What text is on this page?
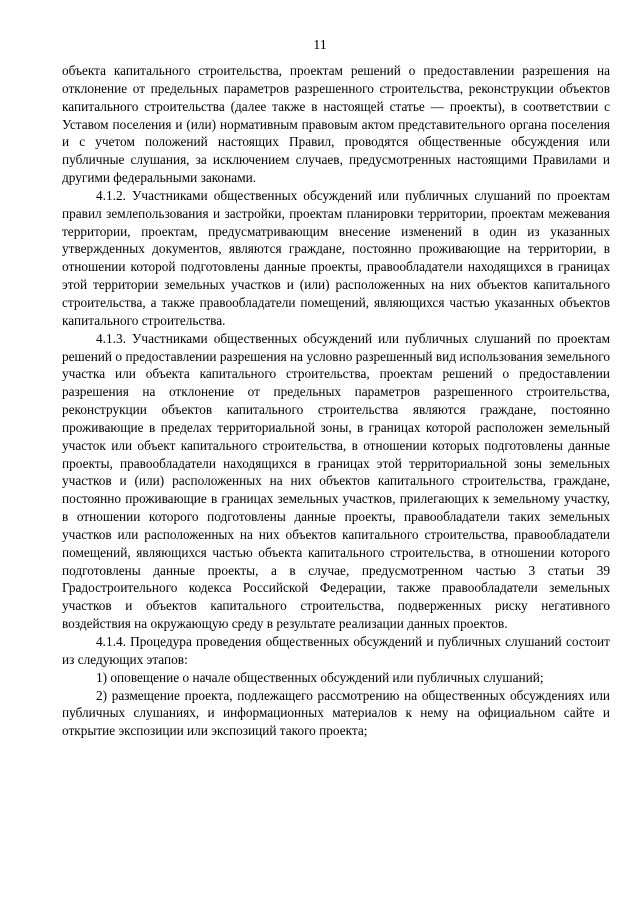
11

объекта капитального строительства, проектам решений о предоставлении разрешения на отклонение от предельных параметров разрешенного строительства, реконструкции объектов капитального строительства (далее также в настоящей статье — проекты), в соответствии с Уставом поселения и (или) нормативным правовым актом представительного органа поселения и с учетом положений настоящих Правил, проводятся общественные обсуждения или публичные слушания, за исключением случаев, предусмотренных настоящими Правилами и другими федеральными законами.

4.1.2. Участниками общественных обсуждений или публичных слушаний по проектам правил землепользования и застройки, проектам планировки территории, проектам межевания территории, проектам, предусматривающим внесение изменений в один из указанных утвержденных документов, являются граждане, постоянно проживающие на территории, в отношении которой подготовлены данные проекты, правообладатели находящихся в границах этой территории земельных участков и (или) расположенных на них объектов капитального строительства, а также правообладатели помещений, являющихся частью указанных объектов капитального строительства.

4.1.3. Участниками общественных обсуждений или публичных слушаний по проектам решений о предоставлении разрешения на условно разрешенный вид использования земельного участка или объекта капитального строительства, проектам решений о предоставлении разрешения на отклонение от предельных параметров разрешенного строительства, реконструкции объектов капитального строительства являются граждане, постоянно проживающие в пределах территориальной зоны, в границах которой расположен земельный участок или объект капитального строительства, в отношении которых подготовлены данные проекты, правообладатели находящихся в границах этой территориальной зоны земельных участков и (или) расположенных на них объектов капитального строительства, граждане, постоянно проживающие в границах земельных участков, прилегающих к земельному участку, в отношении которого подготовлены данные проекты, правообладатели таких земельных участков или расположенных на них объектов капитального строительства, правообладатели помещений, являющихся частью объекта капитального строительства, в отношении которого подготовлены данные проекты, а в случае, предусмотренном частью 3 статьи 39 Градостроительного кодекса Российской Федерации, также правообладатели земельных участков и объектов капитального строительства, подверженных риску негативного воздействия на окружающую среду в результате реализации данных проектов.

4.1.4. Процедура проведения общественных обсуждений и публичных слушаний состоит из следующих этапов:

1) оповещение о начале общественных обсуждений или публичных слушаний;

2) размещение проекта, подлежащего рассмотрению на общественных обсуждениях или публичных слушаниях, и информационных материалов к нему на официальном сайте и открытие экспозиции или экспозиций такого проекта;
